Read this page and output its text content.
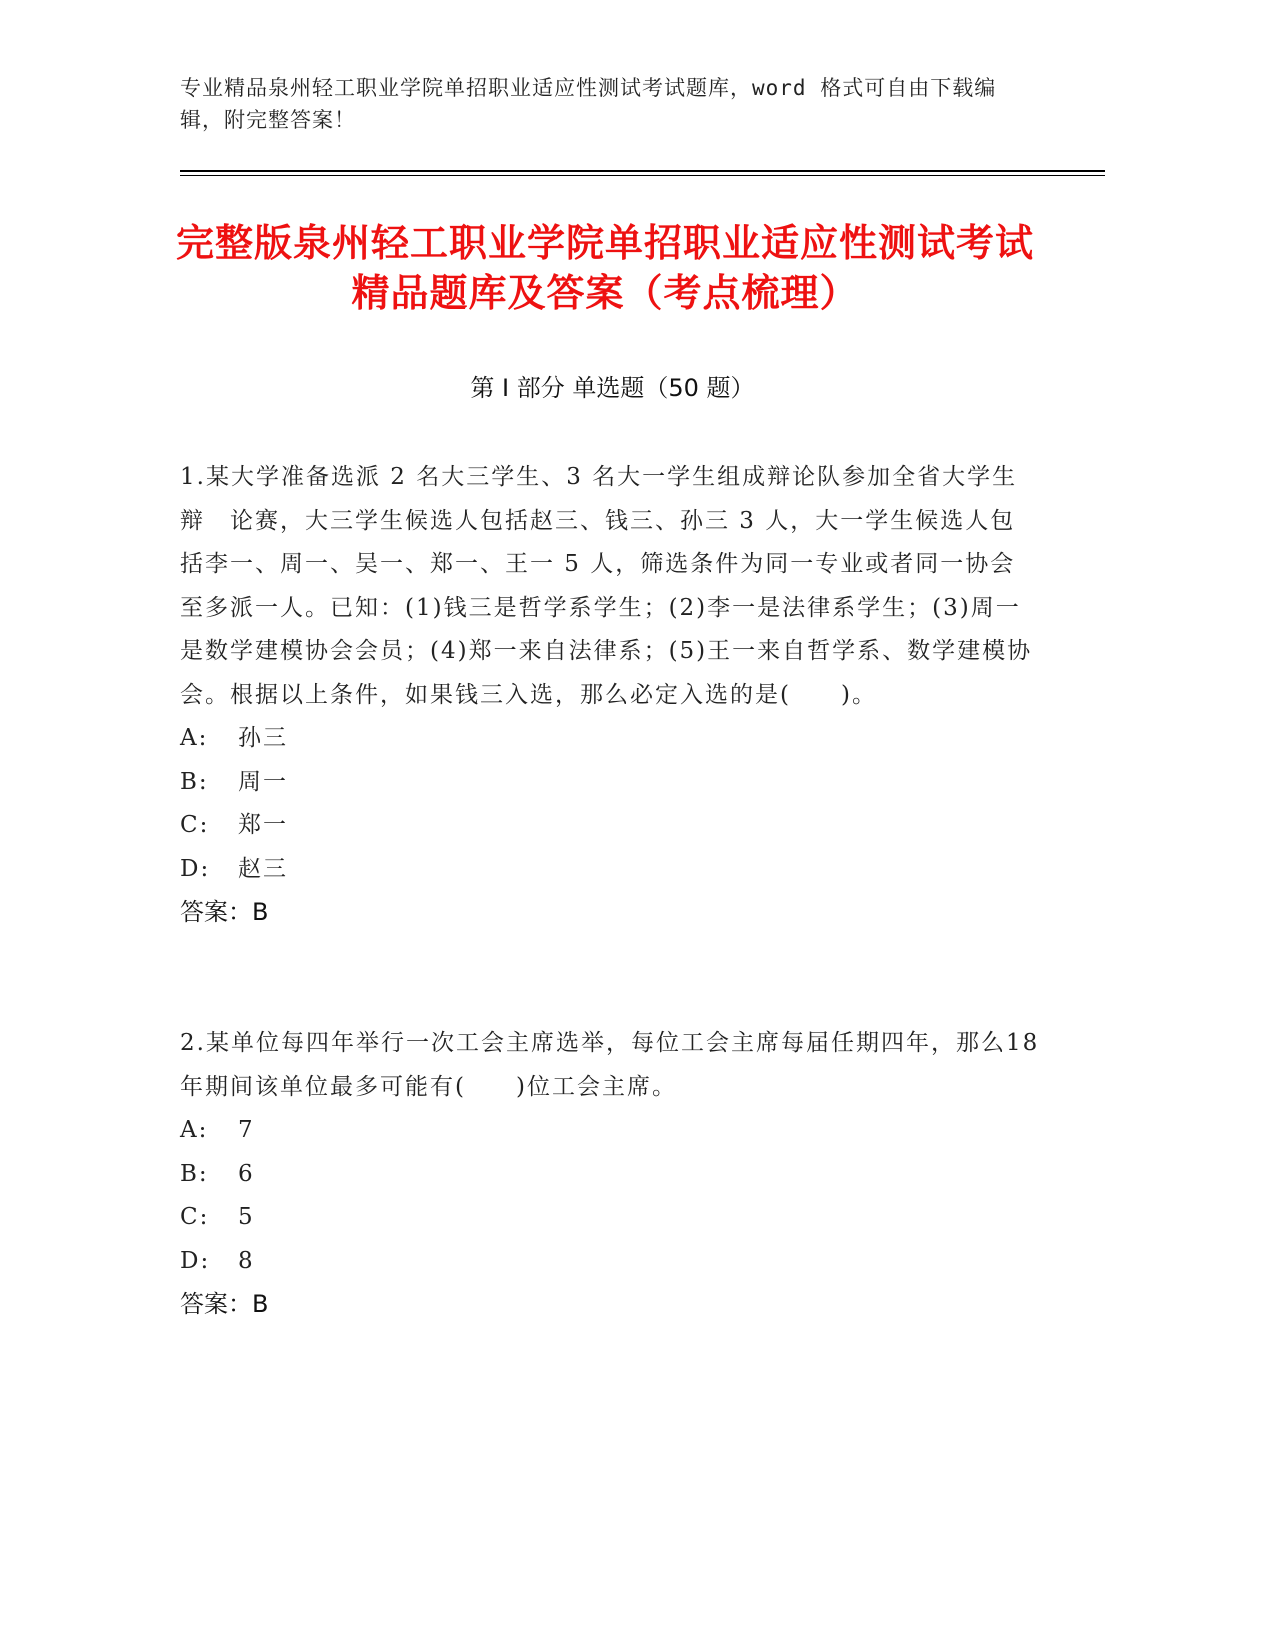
专业精品泉州轻工职业学院单招职业适应性测试考试题库，word 格式可自由下载编辑，附完整答案！
完整版泉州轻工职业学院单招职业适应性测试考试精品题库及答案（考点梳理）
第 I 部分 单选题（50 题）

1.某大学准备选派 2 名大三学生、3 名大一学生组成辩论队参加全省大学生辩　论赛，大三学生候选人包括赵三、钱三、孙三 3 人，大一学生候选人包括李一、周一、吴一、郑一、王一 5 人，筛选条件为同一专业或者同一协会至多派一人。已知：(1)钱三是哲学系学生；(2)李一是法律系学生；(3)周一是数学建模协会会员；(4)郑一来自法律系；(5)王一来自哲学系、数学建模协会。根据以上条件，如果钱三入选，那么必定入选的是(　　)。

A:	孙三
B:	周一
C:	郑一
D:	赵三
答案：B

2.某单位每四年举行一次工会主席选举，每位工会主席每届任期四年，那么18 年期间该单位最多可能有(　　)位工会主席。

A:	7
B:	6
C:	5
D:	8
答案：B
